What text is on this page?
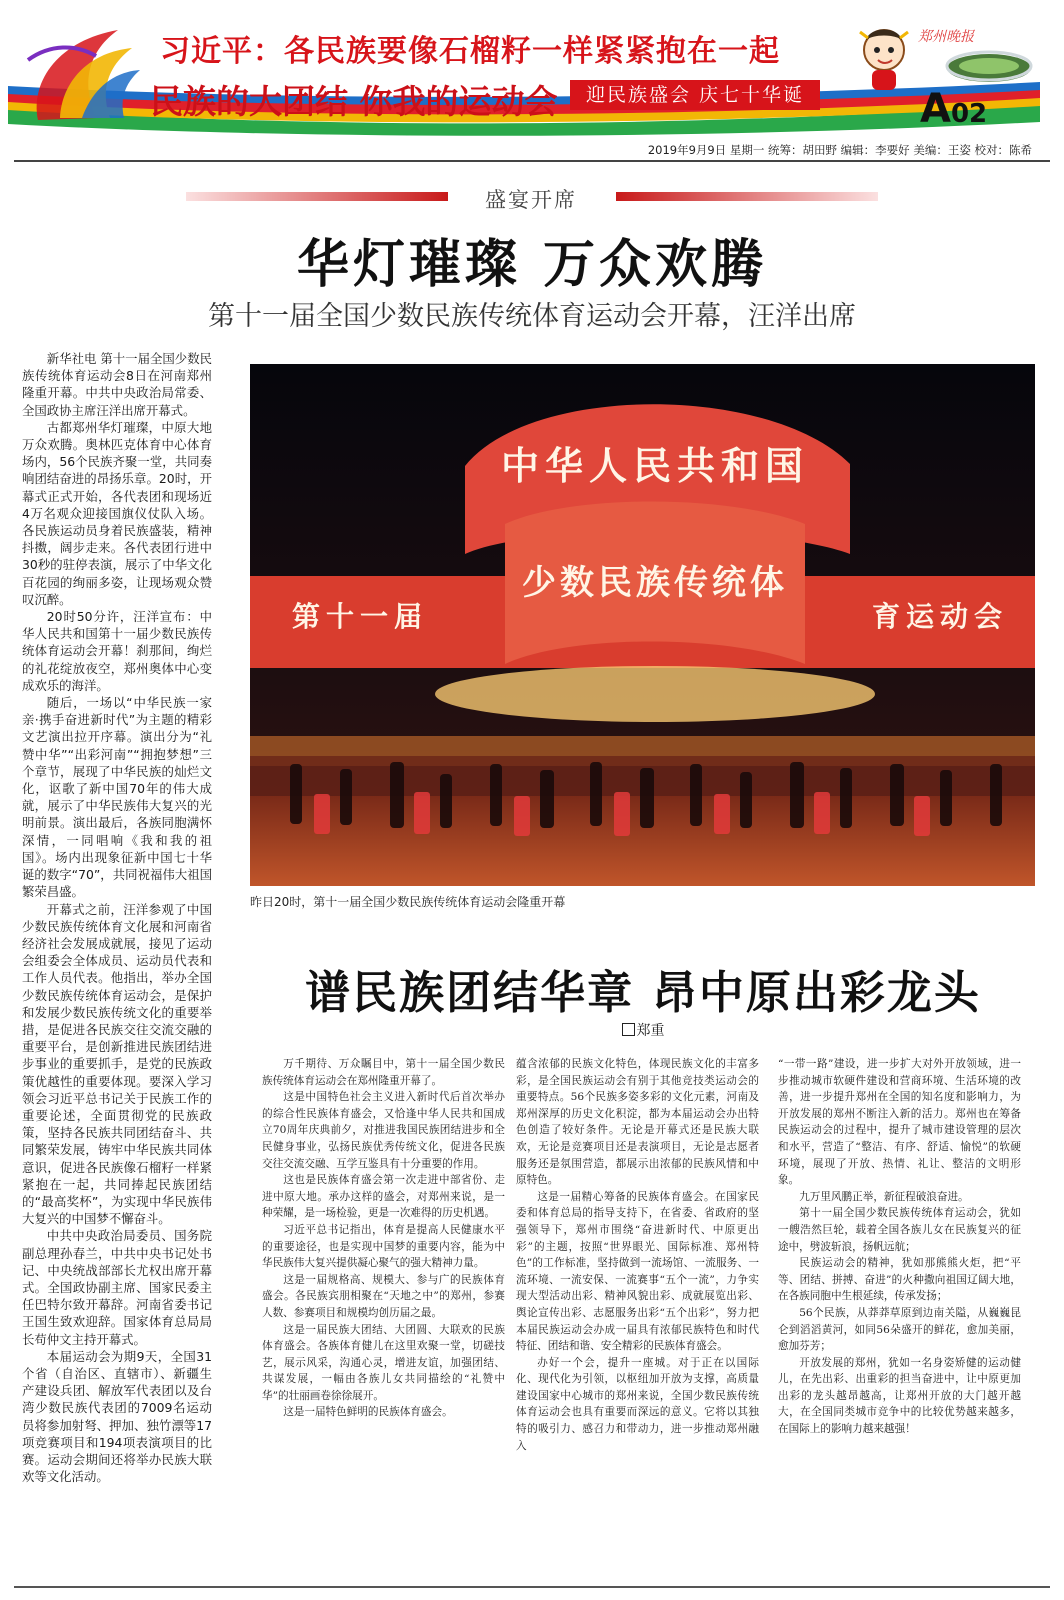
习近平：各民族要像石榴籽一样紧紧抱在一起
民族的大团结 你我的运动会	迎民族盛会 庆七十华诞
郑州晚报
A02
2019年9月9日 星期一 统筹：胡田野 编辑：李要好 美编：王姿 校对：陈希
盛宴开席
华灯璀璨 万众欢腾
第十一届全国少数民族传统体育运动会开幕，汪洋出席

新华社电 第十一届全国少数民族传统体育运动会8日在河南郑州隆重开幕。中共中央政治局常委、全国政协主席汪洋出席开幕式。

古都郑州华灯璀璨，中原大地万众欢腾。奥林匹克体育中心体育场内，56个民族齐聚一堂，共同奏响团结奋进的昂扬乐章。20时，开幕式正式开始，各代表团和现场近4万名观众迎接国旗仪仗队入场。各民族运动员身着民族盛装，精神抖擞，阔步走来。各代表团行进中30秒的驻停表演，展示了中华文化百花园的绚丽多姿，让现场观众赞叹沉醉。

20时50分许，汪洋宣布：中华人民共和国第十一届少数民族传统体育运动会开幕！刹那间，绚烂的礼花绽放夜空，郑州奥体中心变成欢乐的海洋。

随后，一场以“中华民族一家亲·携手奋进新时代”为主题的精彩文艺演出拉开序幕。演出分为“礼赞中华”“出彩河南”“拥抱梦想”三个章节，展现了中华民族的灿烂文化，讴歌了新中国70年的伟大成就，展示了中华民族伟大复兴的光明前景。演出最后，各族同胞满怀深情，一同唱响《我和我的祖国》。场内出现象征新中国七十华诞的数字“70”，共同祝福伟大祖国繁荣昌盛。

开幕式之前，汪洋参观了中国少数民族传统体育文化展和河南省经济社会发展成就展，接见了运动会组委会全体成员、运动员代表和工作人员代表。他指出，举办全国少数民族传统体育运动会，是保护和发展少数民族传统文化的重要举措，是促进各民族交往交流交融的重要平台，是创新推进民族团结进步事业的重要抓手，是党的民族政策优越性的重要体现。要深入学习领会习近平总书记关于民族工作的重要论述，全面贯彻党的民族政策，坚持各民族共同团结奋斗、共同繁荣发展，铸牢中华民族共同体意识，促进各民族像石榴籽一样紧紧抱在一起，共同捧起民族团结的“最高奖杯”，为实现中华民族伟大复兴的中国梦不懈奋斗。

中共中央政治局委员、国务院副总理孙春兰，中共中央书记处书记、中央统战部部长尤权出席开幕式。全国政协副主席、国家民委主任巴特尔致开幕辞。河南省委书记王国生致欢迎辞。国家体育总局局长苟仲文主持开幕式。

本届运动会为期9天，全国31个省（自治区、直辖市）、新疆生产建设兵团、解放军代表团以及台湾少数民族代表团的7009名运动员将参加射弩、押加、独竹漂等17项竞赛项目和194项表演项目的比赛。运动会期间还将举办民族大联欢等文化活动。

中华人民共和国
少数民族传统体
第十一届	育运动会
昨日20时，第十一届全国少数民族传统体育运动会隆重开幕
谱民族团结华章 昂中原出彩龙头
郑重

万千期待、万众瞩目中，第十一届全国少数民族传统体育运动会在郑州隆重开幕了。

这是中国特色社会主义进入新时代后首次举办的综合性民族体育盛会，又恰逢中华人民共和国成立70周年庆典前夕，对推进我国民族团结进步和全民健身事业，弘扬民族优秀传统文化，促进各民族交往交流交融、互学互鉴具有十分重要的作用。

这也是民族体育盛会第一次走进中部省份、走进中原大地。承办这样的盛会，对郑州来说，是一种荣耀，是一场检验，更是一次难得的历史机遇。

习近平总书记指出，体育是提高人民健康水平的重要途径，也是实现中国梦的重要内容，能为中华民族伟大复兴提供凝心聚气的强大精神力量。

这是一届规格高、规模大、参与广的民族体育盛会。各民族宾朋相聚在“天地之中”的郑州，参赛人数、参赛项目和规模均创历届之最。

这是一届民族大团结、大团圆、大联欢的民族体育盛会。各族体育健儿在这里欢聚一堂，切磋技艺，展示风采，沟通心灵，增进友谊，加强团结、共谋发展，一幅由各族儿女共同描绘的“礼赞中华”的壮丽画卷徐徐展开。

这是一届特色鲜明的民族体育盛会。

蕴含浓郁的民族文化特色，体现民族文化的丰富多彩，是全国民族运动会有别于其他竞技类运动会的重要特点。56个民族多姿多彩的文化元素，河南及郑州深厚的历史文化积淀，都为本届运动会办出特色创造了较好条件。无论是开幕式还是民族大联欢，无论是竞赛项目还是表演项目，无论是志愿者服务还是氛围营造，都展示出浓郁的民族风情和中原特色。

这是一届精心筹备的民族体育盛会。在国家民委和体育总局的指导支持下，在省委、省政府的坚强领导下，郑州市围绕“奋进新时代、中原更出彩”的主题，按照“世界眼光、国际标准、郑州特色”的工作标准，坚持做到一流场馆、一流服务、一流环境、一流安保、一流赛事“五个一流”，力争实现大型活动出彩、精神风貌出彩、成就展览出彩、舆论宣传出彩、志愿服务出彩“五个出彩”，努力把本届民族运动会办成一届具有浓郁民族特色和时代特征、团结和谐、安全精彩的民族体育盛会。

办好一个会，提升一座城。对于正在以国际化、现代化为引领，以枢纽加开放为支撑，高质量建设国家中心城市的郑州来说，全国少数民族传统体育运动会也具有重要而深远的意义。它将以其独特的吸引力、感召力和带动力，进一步推动郑州融入

“一带一路”建设，进一步扩大对外开放领域，进一步推动城市软硬件建设和营商环境、生活环境的改善，进一步提升郑州在全国的知名度和影响力，为开放发展的郑州不断注入新的活力。郑州也在筹备民族运动会的过程中，提升了城市建设管理的层次和水平，营造了“整洁、有序、舒适、愉悦”的软硬环境，展现了开放、热情、礼让、整洁的文明形象。

九万里风鹏正举，新征程破浪奋进。

第十一届全国少数民族传统体育运动会，犹如一艘浩然巨轮，载着全国各族儿女在民族复兴的征途中，劈波斩浪，扬帆远航；

民族运动会的精神，犹如那熊熊火炬，把“平等、团结、拼搏、奋进”的火种撒向祖国辽阔大地，在各族同胞中生根延续，传承发扬；

56个民族，从莽莽草原到边南关隘，从巍巍昆仑到滔滔黄河，如同56朵盛开的鲜花，愈加美丽，愈加芬芳；

开放发展的郑州，犹如一名身姿矫健的运动健儿，在先出彩、出重彩的担当奋进中，让中原更加出彩的龙头越昂越高，让郑州开放的大门越开越大，在全国同类城市竞争中的比较优势越来越多，在国际上的影响力越来越强！
